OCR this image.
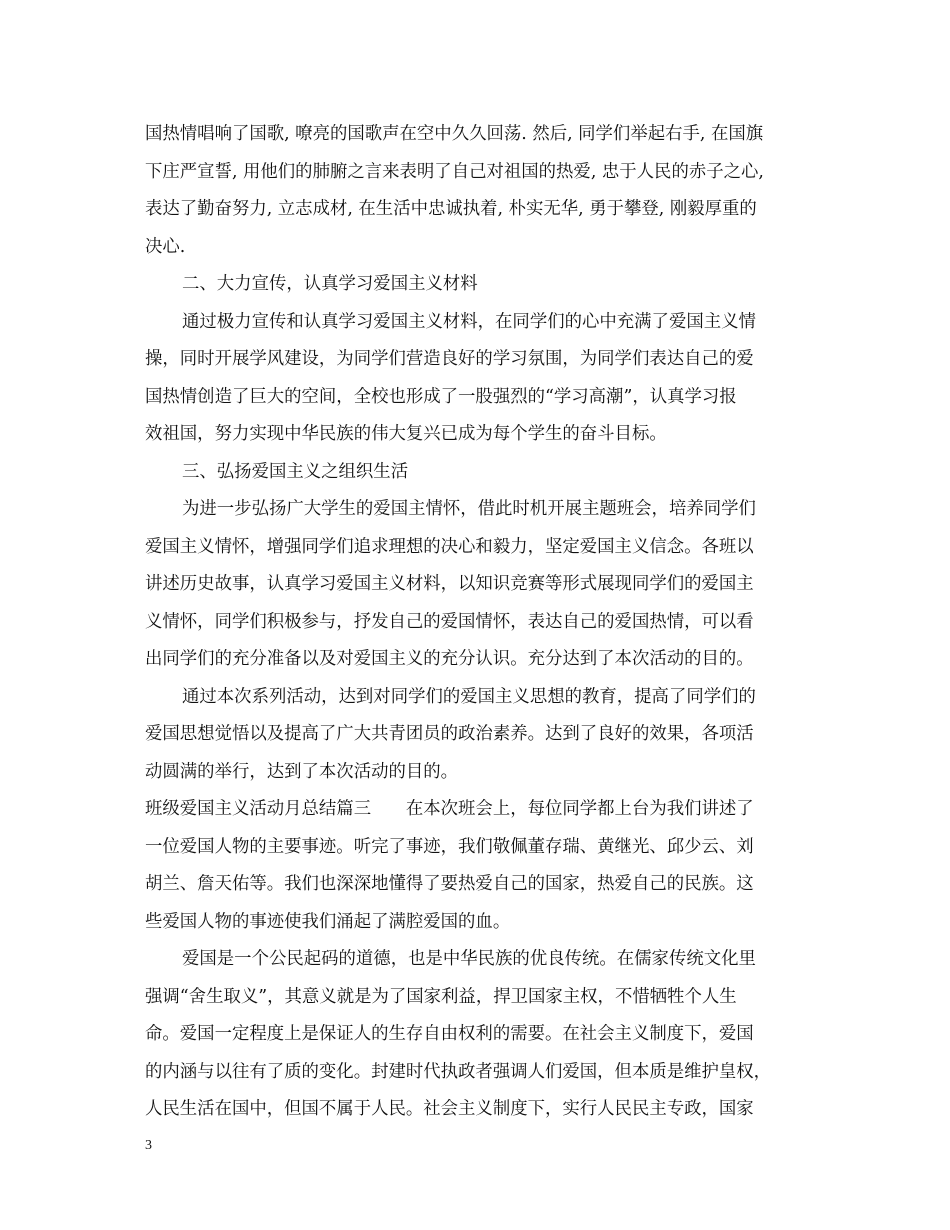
国热情唱响了国歌, 嘹亮的国歌声在空中久久回荡. 然后, 同学们举起右手, 在国旗
下庄严宣誓, 用他们的肺腑之言来表明了自己对祖国的热爱, 忠于人民的赤子之心,
表达了勤奋努力, 立志成材, 在生活中忠诚执着, 朴实无华, 勇于攀登, 刚毅厚重的
决心.
二、大力宣传，认真学习爱国主义材料
通过极力宣传和认真学习爱国主义材料，在同学们的心中充满了爱国主义情
操，同时开展学风建设，为同学们营造良好的学习氛围，为同学们表达自己的爱
国热情创造了巨大的空间，全校也形成了一股强烈的“学习高潮”，认真学习报
效祖国，努力实现中华民族的伟大复兴已成为每个学生的奋斗目标。
三、弘扬爱国主义之组织生活
为进一步弘扬广大学生的爱国主情怀，借此时机开展主题班会，培养同学们
爱国主义情怀，增强同学们追求理想的决心和毅力，坚定爱国主义信念。各班以
讲述历史故事，认真学习爱国主义材料，以知识竞赛等形式展现同学们的爱国主
义情怀，同学们积极参与，抒发自己的爱国情怀，表达自己的爱国热情，可以看
出同学们的充分准备以及对爱国主义的充分认识。充分达到了本次活动的目的。
通过本次系列活动，达到对同学们的爱国主义思想的教育，提高了同学们的
爱国思想觉悟以及提高了广大共青团员的政治素养。达到了良好的效果，各项活
动圆满的举行，达到了本次活动的目的。
班级爱国主义活动月总结篇三　　在本次班会上，每位同学都上台为我们讲述了
一位爱国人物的主要事迹。听完了事迹，我们敬佩董存瑞、黄继光、邱少云、刘
胡兰、詹天佑等。我们也深深地懂得了要热爱自己的国家，热爱自己的民族。这
些爱国人物的事迹使我们涌起了满腔爱国的血。
爱国是一个公民起码的道德，也是中华民族的优良传统。在儒家传统文化里
强调“舍生取义”，其意义就是为了国家利益，捍卫国家主权，不惜牺牲个人生
命。爱国一定程度上是保证人的生存自由权利的需要。在社会主义制度下，爱国
的内涵与以往有了质的变化。封建时代执政者强调人们爱国，但本质是维护皇权，
人民生活在国中，但国不属于人民。社会主义制度下，实行人民民主专政，国家
3
